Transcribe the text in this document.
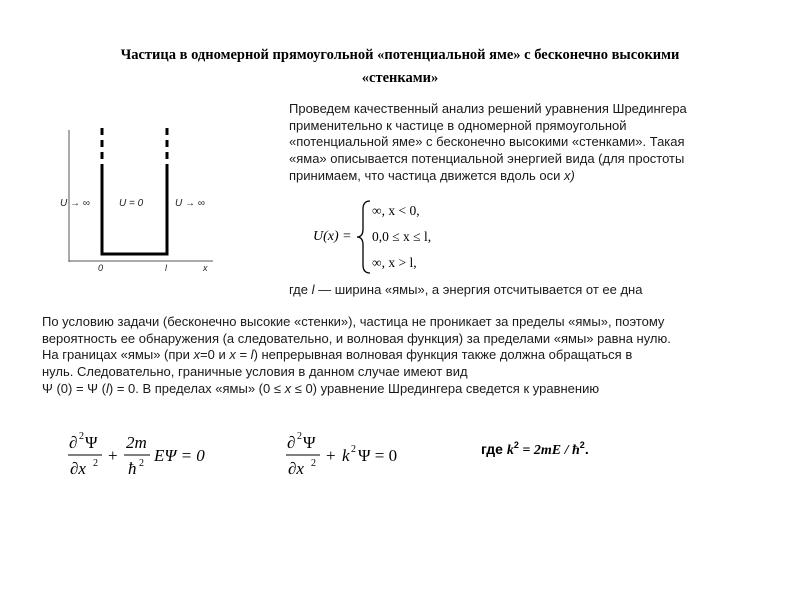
Частица в одномерной прямоугольной «потенциальной яме» с бесконечно высокими
«стенками»
U → ∞	U = 0	U → ∞
0	l	x
Проведем качественный анализ решений уравнения Шредингера
применительно к частице в одномерной прямоугольной
«потенциальной яме» с бесконечно высокими «стенками». Такая
«яма» описывается потенциальной энергией вида (для простоты
принимаем, что частица движется вдоль оси x)
U(x) =
∞, x < 0,
0,0 ≤ x ≤ l,
∞, x > l,
где l — ширина «ямы», а энергия отсчитывается от ее дна
По условию задачи (бесконечно высокие «стенки»), частица не проникает за пределы «ямы», поэтому
вероятность ее обнаружения (а следовательно, и волновая функция) за пределами «ямы» равна нулю.
На границах «ямы» (при x=0 и x = l) непрерывная волновая функция также должна обращаться в
нуль. Следовательно, граничные условия в данном случае имеют вид
Ψ (0) = Ψ (l) = 0. В пределах «ямы» (0 ≤ x ≤ 0) уравнение Шредингера сведется к уравнению
∂ 2 Ψ
∂x 2 +
2m
ħ 2 EΨ = 0
∂ 2 Ψ
∂x 2 + k 2 Ψ = 0	где $k^2 = 2mE$ / $ħ^2$.
